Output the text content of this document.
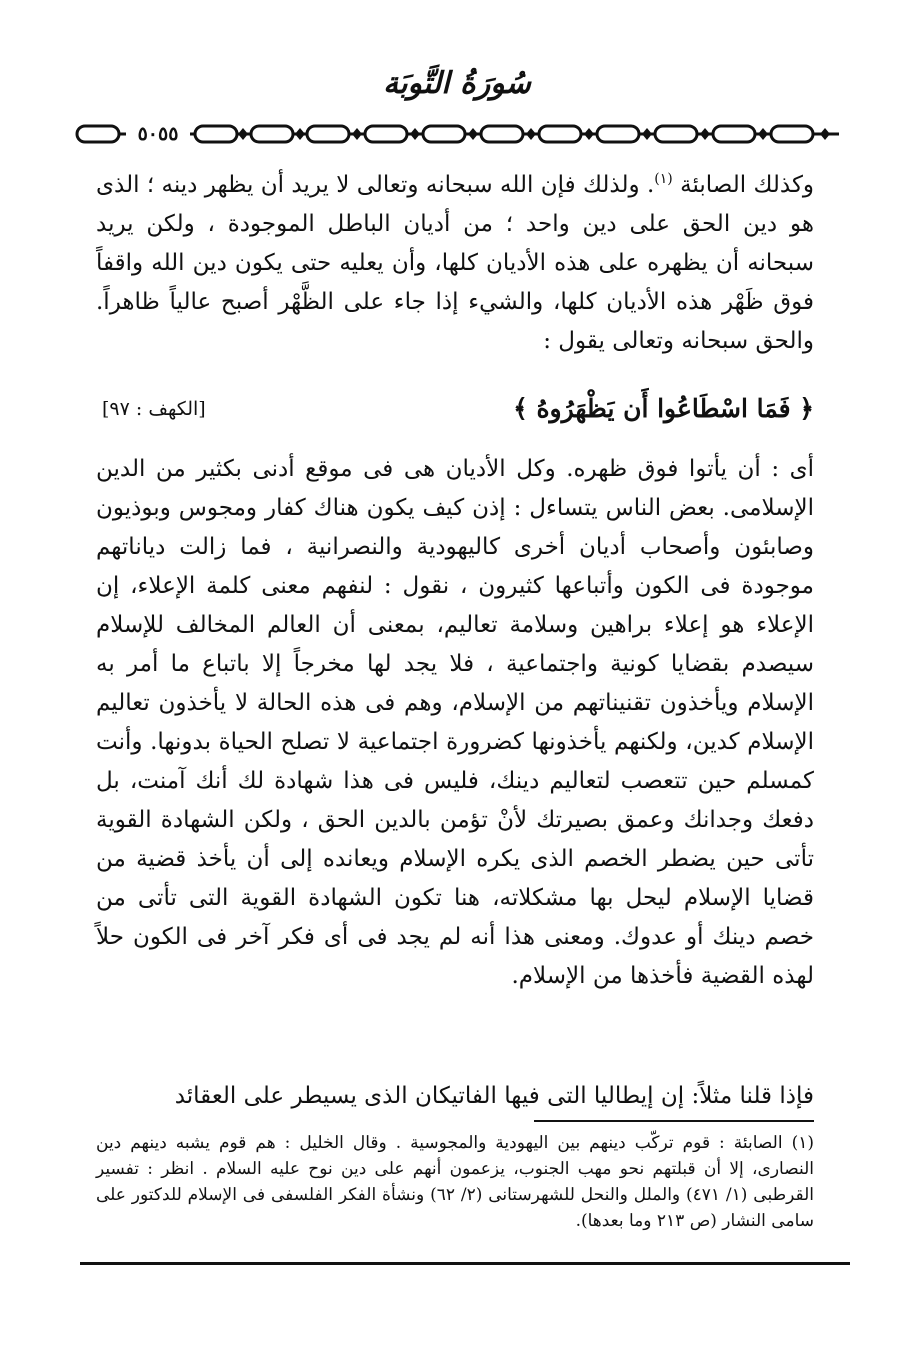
سُورَةُ التَّوبَة
٥٠٥٥

وكذلك الصابئة $^{(١)}$. ولذلك فإن الله سبحانه وتعالى لا يريد أن يظهر دينه ؛ الذى هو دين الحق على دين واحد ؛ من أديان الباطل الموجودة ، ولكن يريد سبحانه أن يظهره على هذه الأديان كلها، وأن يعليه حتى يكون دين الله واقفاً فوق ظَهْر هذه الأديان كلها، والشيء إذا جاء على الظَّهْر أصبح عالياً ظاهراً. والحق سبحانه وتعالى يقول :

﴿ فَمَا اسْطَاعُوا أَن يَظْهَرُوهُ ﴾
[الكهف : ٩٧]

أى : أن يأتوا فوق ظهره. وكل الأديان هى فى موقع أدنى بكثير من الدين الإسلامى. بعض الناس يتساءل : إذن كيف يكون هناك كفار ومجوس وبوذيون وصابئون وأصحاب أديان أخرى كاليهودية والنصرانية ، فما زالت دياناتهم موجودة فى الكون وأتباعها كثيرون ، نقول : لنفهم معنى كلمة الإعلاء، إن الإعلاء هو إعلاء براهين وسلامة تعاليم، بمعنى أن العالم المخالف للإسلام سيصدم بقضايا كونية واجتماعية ، فلا يجد لها مخرجاً إلا باتباع ما أمر به الإسلام ويأخذون تقنيناتهم من الإسلام، وهم فى هذه الحالة لا يأخذون تعاليم الإسلام كدين، ولكنهم يأخذونها كضرورة اجتماعية لا تصلح الحياة بدونها. وأنت كمسلم حين تتعصب لتعاليم دينك، فليس فى هذا شهادة لك أنك آمنت، بل دفعك وجدانك وعمق بصيرتك لأنْ تؤمن بالدين الحق ، ولكن الشهادة القوية تأتى حين يضطر الخصم الذى يكره الإسلام ويعانده إلى أن يأخذ قضية من قضايا الإسلام ليحل بها مشكلاته، هنا تكون الشهادة القوية التى تأتى من خصم دينك أو عدوك. ومعنى هذا أنه لم يجد فى أى فكر آخر فى الكون حلاً لهذه القضية فأخذها من الإسلام.

فإذا قلنا مثلاً: إن إيطاليا التى فيها الفاتيكان الذى يسيطر على العقائد

(١) الصابئة : قوم تركّب دينهم بين اليهودية والمجوسية . وقال الخليل : هم قوم يشبه دينهم دين النصارى، إلا أن قبلتهم نحو مهب الجنوب، يزعمون أنهم على دين نوح عليه السلام . انظر : تفسير القرطبى (١/ ٤٧١) والملل والنحل للشهرستانى (٢/ ٦٢) ونشأة الفكر الفلسفى فى الإسلام للدكتور على سامى النشار (ص ٢١٣ وما بعدها).
